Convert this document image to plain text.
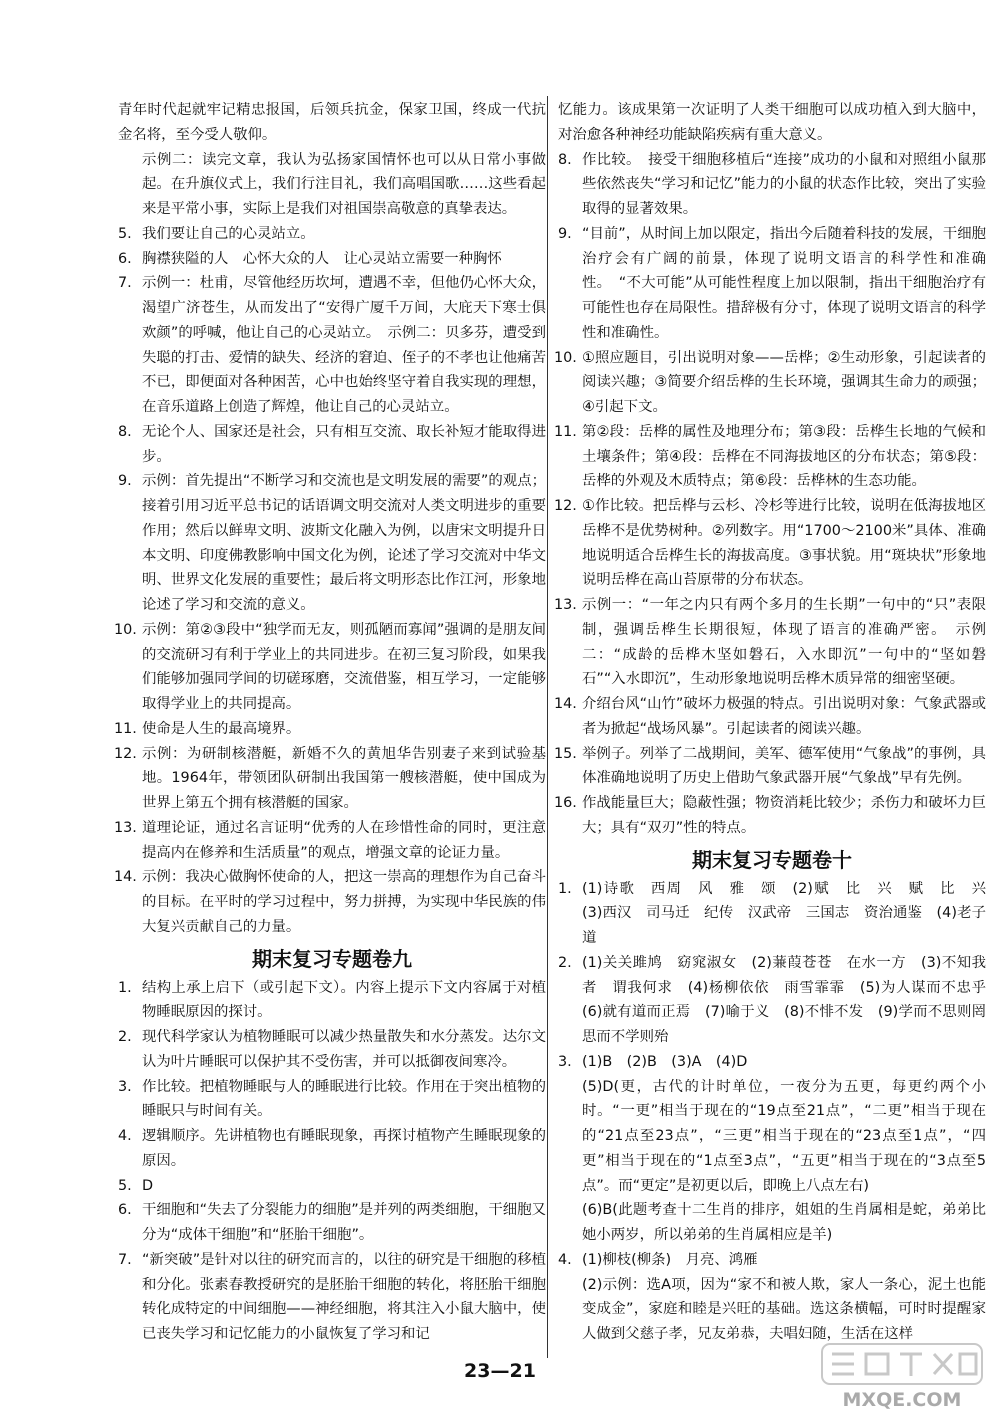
青年时代起就牢记精忠报国，后领兵抗金，保家卫国，终成一代抗金名将，至今受人敬仰。
示例二：读完文章，我认为弘扬家国情怀也可以从日常小事做起。在升旗仪式上，我们行注目礼，我们高唱国歌……这些看起来是平常小事，实际上是我们对祖国崇高敬意的真挚表达。
5. 我们要让自己的心灵站立。
6. 胸襟狭隘的人　心怀大众的人　让心灵站立需要一种胸怀
7. 示例一：杜甫，尽管他经历坎坷，遭遇不幸，但他仍心怀大众，渴望广济苍生，从而发出了“安得广厦千万间，大庇天下寒士俱欢颜”的呼喊，他让自己的心灵站立。　示例二：贝多芬，遭受到失聪的打击、爱情的缺失、经济的窘迫、侄子的不孝也让他痛苦不已，即便面对各种困苦，心中也始终坚守着自我实现的理想，在音乐道路上创造了辉煌，他让自己的心灵站立。
8. 无论个人、国家还是社会，只有相互交流、取长补短才能取得进步。
9. 示例：首先提出“不断学习和交流也是文明发展的需要”的观点；接着引用习近平总书记的话语调文明交流对人类文明进步的重要作用；然后以鲜卑文明、波斯文化融入为例，以唐宋文明提升日本文明、印度佛教影响中国文化为例，论述了学习交流对中华文明、世界文化发展的重要性；最后将文明形态比作江河，形象地论述了学习和交流的意义。
10. 示例：第②③段中“独学而无友，则孤陋而寡闻”强调的是朋友间的交流研习有利于学业上的共同进步。在初三复习阶段，如果我们能够加强同学间的切磋琢磨，交流借鉴，相互学习，一定能够取得学业上的共同提高。
11. 使命是人生的最高境界。
12. 示例：为研制核潜艇，新婚不久的黄旭华告别妻子来到试验基地。1964年，带领团队研制出我国第一艘核潜艇，使中国成为世界上第五个拥有核潜艇的国家。
13. 道理论证，通过名言证明“优秀的人在珍惜性命的同时，更注意提高内在修养和生活质量”的观点，增强文章的论证力量。
14. 示例：我决心做胸怀使命的人，把这一崇高的理想作为自己奋斗的目标。在平时的学习过程中，努力拼搏，为实现中华民族的伟大复兴贡献自己的力量。
期末复习专题卷九
1. 结构上承上启下（或引起下文）。内容上提示下文内容属于对植物睡眠原因的探讨。
2. 现代科学家认为植物睡眠可以减少热量散失和水分蒸发。达尔文认为叶片睡眠可以保护其不受伤害，并可以抵御夜间寒冷。
3. 作比较。把植物睡眠与人的睡眠进行比较。作用在于突出植物的睡眠只与时间有关。
4. 逻辑顺序。先讲植物也有睡眠现象，再探讨植物产生睡眠现象的原因。
5. D
6. 干细胞和“失去了分裂能力的细胞”是并列的两类细胞，干细胞又分为“成体干细胞”和“胚胎干细胞”。
7. “新突破”是针对以往的研究而言的，以往的研究是干细胞的移植和分化。张素春教授研究的是胚胎干细胞的转化，将胚胎干细胞转化成特定的中间细胞——神经细胞，将其注入小鼠大脑中，使已丧失学习和记忆能力的小鼠恢复了学习和记
忆能力。该成果第一次证明了人类干细胞可以成功植入到大脑中，对治愈各种神经功能缺陷疾病有重大意义。
8. 作比较。　接受干细胞移植后“连接”成功的小鼠和对照组小鼠那些依然丧失“学习和记忆”能力的小鼠的状态作比较，突出了实验取得的显著效果。
9. “目前”，从时间上加以限定，指出今后随着科技的发展，干细胞治疗会有广阔的前景，体现了说明文语言的科学性和准确性。　“不大可能”从可能性程度上加以限制，指出干细胞治疗有可能性也存在局限性。措辞极有分寸，体现了说明文语言的科学性和准确性。
10. ①照应题目，引出说明对象——岳桦；②生动形象，引起读者的阅读兴趣；③简要介绍岳桦的生长环境，强调其生命力的顽强；④引起下文。
11. 第②段：岳桦的属性及地理分布；第③段：岳桦生长地的气候和土壤条件；第④段：岳桦在不同海拔地区的分布状态；第⑤段：岳桦的外观及木质特点；第⑥段：岳桦林的生态功能。
12. ①作比较。把岳桦与云杉、冷杉等进行比较，说明在低海拔地区岳桦不是优势树种。②列数字。用“1700～2100米”具体、准确地说明适合岳桦生长的海拔高度。③事状貌。用“斑块状”形象地说明岳桦在高山苔原带的分布状态。
13. 示例一：“一年之内只有两个多月的生长期”一句中的“只”表限制，强调岳桦生长期很短，体现了语言的准确严密。　示例二：“成龄的岳桦木坚如磐石，入水即沉”一句中的“坚如磐石”“入水即沉”，生动形象地说明岳桦木质异常的细密坚硬。
14. 介绍台风“山竹”破坏力极强的特点。引出说明对象：气象武器或者为掀起“战场风暴”。引起读者的阅读兴趣。
15. 举例子。列举了二战期间，美军、德军使用“气象战”的事例，具体准确地说明了历史上借助气象武器开展“气象战”早有先例。
16. 作战能量巨大；隐蔽性强；物资消耗比较少；杀伤力和破坏力巨大；具有“双刃”性的特点。
期末复习专题卷十
1. (1)诗歌　西周　风　雅　颂　(2)赋　比　兴　赋　比　兴　(3)西汉　司马迁　纪传　汉武帝　三国志　资治通鉴　(4)老子　道
2. (1)关关雎鸠　窈窕淑女　(2)蒹葭苍苍　在水一方　(3)不知我者　谓我何求　(4)杨柳依依　雨雪霏霏　(5)为人谋而不忠乎　(6)就有道而正焉　(7)喻于义　(8)不悱不发　(9)学而不思则罔　思而不学则殆
3. (1)B　(2)B　(3)A　(4)D
(5)D(更，古代的计时单位，一夜分为五更，每更约两个小时。“一更”相当于现在的“19点至21点”，“二更”相当于现在的“21点至23点”，“三更”相当于现在的“23点至1点”，“四更”相当于现在的“1点至3点”，“五更”相当于现在的“3点至5点”。而“更定”是初更以后，即晚上八点左右)
(6)B(此题考查十二生肖的排序，姐姐的生肖属相是蛇，弟弟比她小两岁，所以弟弟的生肖属相应是羊)
4. (1)柳枝(柳条)　月亮、鸿雁
(2)示例：选A项，因为“家不和被人欺，家人一条心，泥土也能变成金”，家庭和睦是兴旺的基础。选这条横幅，可时时提醒家人做到父慈子孝，兄友弟恭，夫唱妇随，生活在这样
23—21
MXQE.COM
